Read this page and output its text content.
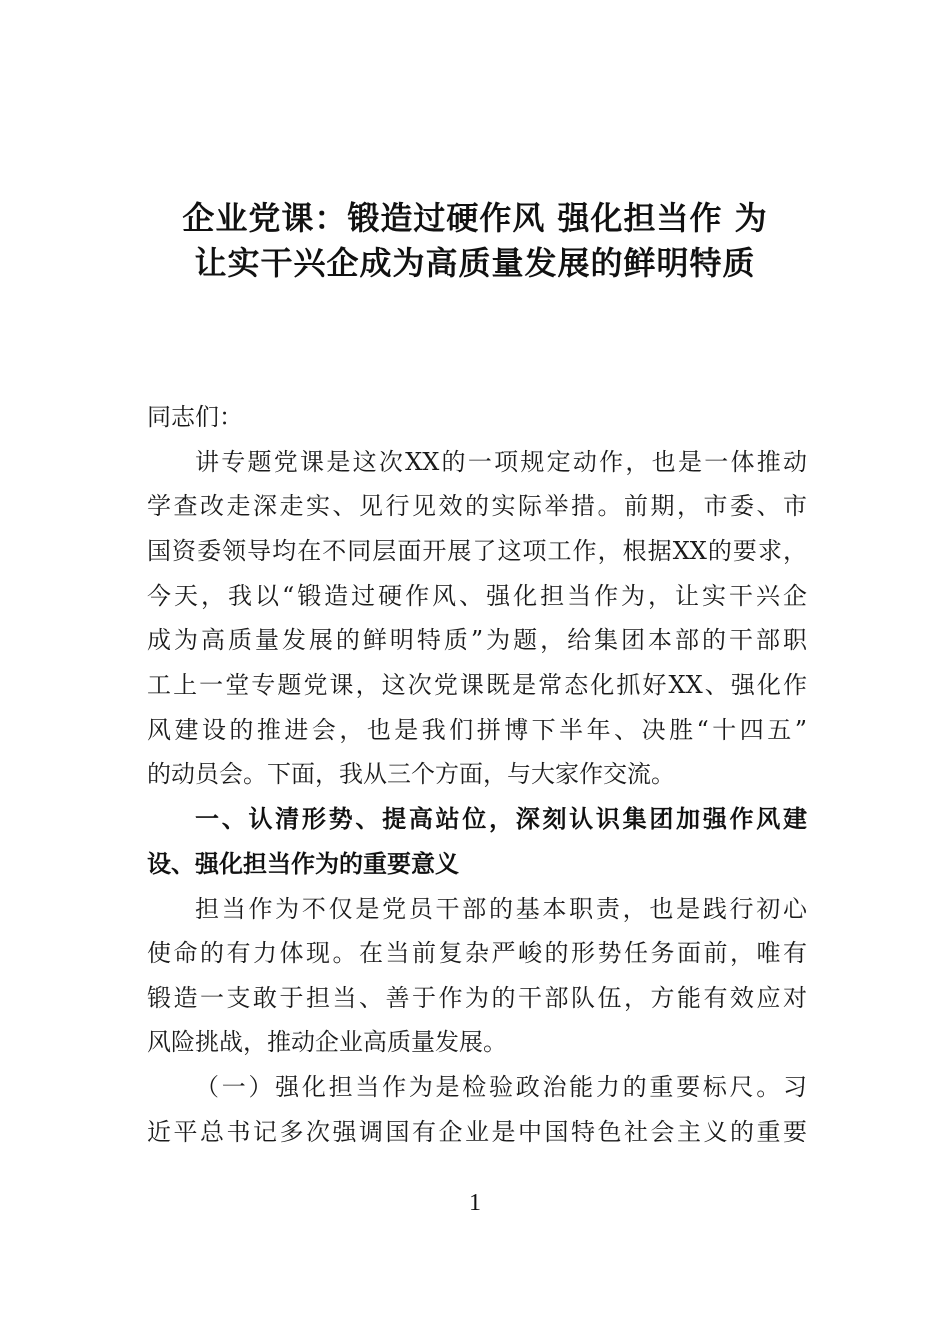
企业党课：锻造过硬作风 强化担当作 为
让实干兴企成为高质量发展的鲜明特质
同志们：
讲专题党课是这次XX的一项规定动作，也是一体推动
学查改走深走实、见行见效的实际举措。前期，市委、市
国资委领导均在不同层面开展了这项工作，根据XX的要求，
今天，我以“锻造过硬作风、强化担当作为，让实干兴企
成为高质量发展的鲜明特质”为题，给集团本部的干部职
工上一堂专题党课，这次党课既是常态化抓好XX、强化作
风建设的推进会，也是我们拼博下半年、决胜“十四五”
的动员会。下面，我从三个方面，与大家作交流。
一、认清形势、提高站位，深刻认识集团加强作风建
设、强化担当作为的重要意义
担当作为不仅是党员干部的基本职责，也是践行初心
使命的有力体现。在当前复杂严峻的形势任务面前，唯有
锻造一支敢于担当、善于作为的干部队伍，方能有效应对
风险挑战，推动企业高质量发展。
（一）强化担当作为是检验政治能力的重要标尺。习
近平总书记多次强调国有企业是中国特色社会主义的重要
1
